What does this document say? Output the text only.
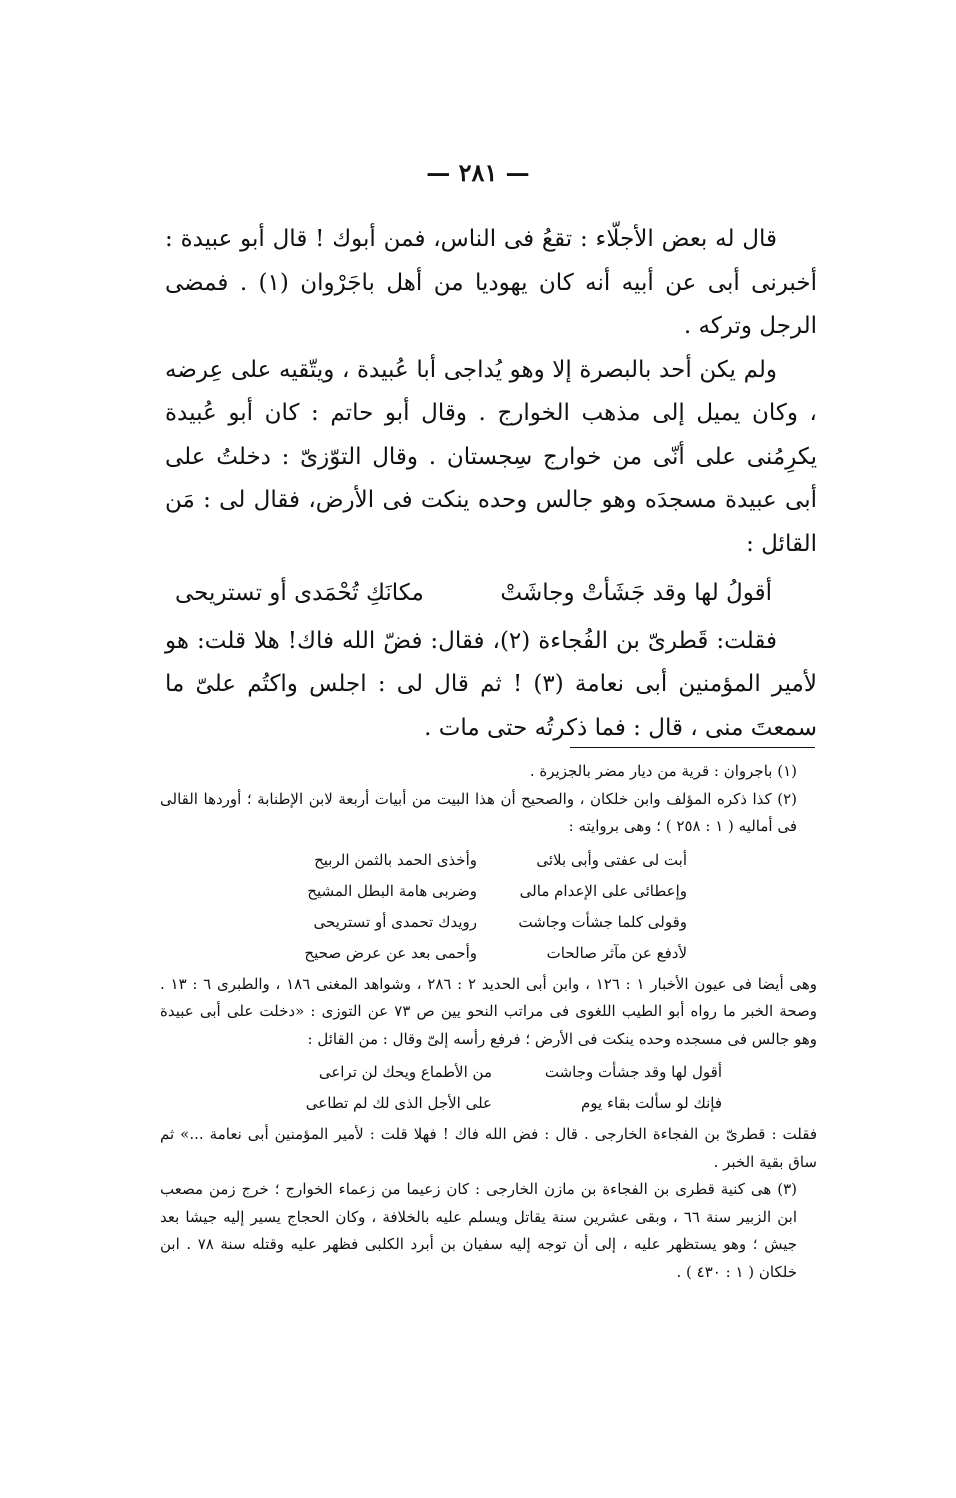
— ٢٨١ —

قال له بعض الأجلّاء : تقعُ فى الناس، فمن أبوك ! قال أبو عبيدة : أخبرنى أبى عن أبيه أنه كان يهوديا من أهل باجَرْوان (١) . فمضى الرجل وتركه .

ولم يكن أحد بالبصرة إلا وهو يُداجى أبا عُبيدة ، ويتّقيه على عِرضه ، وكان يميل إلى مذهب الخوارج . وقال أبو حاتم : كان أبو عُبيدة يكرِمُنى على أنّى من خوارج سِجستان . وقال التوّزىّ : دخلتُ على أبى عبيدة مسجدَه وهو جالس وحده ينكت فى الأرض، فقال لى : مَن القائل :

أقولُ لها وقد جَشَأتْ وجاشَتْ
مكانَكِ تُحْمَدى أو تستريحى

فقلت: قَطرىّ بن الفُجاءة (٢)، فقال: فضّ الله فاك! هلا قلت: هو لأمير المؤمنين أبى نعامة (٣) ! ثم قال لى : اجلس واكتُم علىّ ما سمعتَ منى ، قال : فما ذكرتُه حتى مات .

(١) باجروان : قرية من ديار مضر بالجزيرة .

(٢) كذا ذكره المؤلف وابن خلكان ، والصحيح أن هذا البيت من أبيات أربعة لابن الإطنابة ؛ أوردها القالى فى أماليه ( ١ : ٢٥٨ ) ؛ وهى بروايته :

أبت لى عفتى وأبى بلائى
وأخذى الحمد بالثمن الربيح
وإعطائى على الإعدام مالى
وضربى هامة البطل المشيح
وقولى كلما جشأت وجاشت
رويدك تحمدى أو تستريحى
لأدفع عن مآثر صالحات
وأحمى بعد عن عرض صحيح

وهى أيضا فى عيون الأخبار ١ : ١٢٦ ، وابن أبى الحديد ٢ : ٢٨٦ ، وشواهد المغنى ١٨٦ ، والطبرى ٦ : ١٣ . وصحة الخبر ما رواه أبو الطيب اللغوى فى مراتب النحو يين ص ٧٣ عن التوزى : «دخلت على أبى عبيدة وهو جالس فى مسجده وحده ينكت فى الأرض ؛ فرفع رأسه إلىّ وقال : من القائل :

أقول لها وقد جشأت وجاشت
من الأطماع ويحك لن تراعى
فإنك لو سألت بقاء يوم
على الأجل الذى لك لم تطاعى

فقلت : قطرىّ بن الفجاءة الخارجى . قال : فض الله فاك ! فهلا قلت : لأمير المؤمنين أبى نعامة ...» ثم ساق بقية الخبر .

(٣) هى كنية قطرى بن الفجاءة بن مازن الخارجى : كان زعيما من زعماء الخوارج ؛ خرج زمن مصعب ابن الزبير سنة ٦٦ ، وبقى عشرين سنة يقاتل ويسلم عليه بالخلافة ، وكان الحجاج يسير إليه جيشا بعد جيش ؛ وهو يستظهر عليه ، إلى أن توجه إليه سفيان بن أبرد الكلبى فظهر عليه وقتله سنة ٧٨ . ابن خلكان ( ١ : ٤٣٠ ) .
